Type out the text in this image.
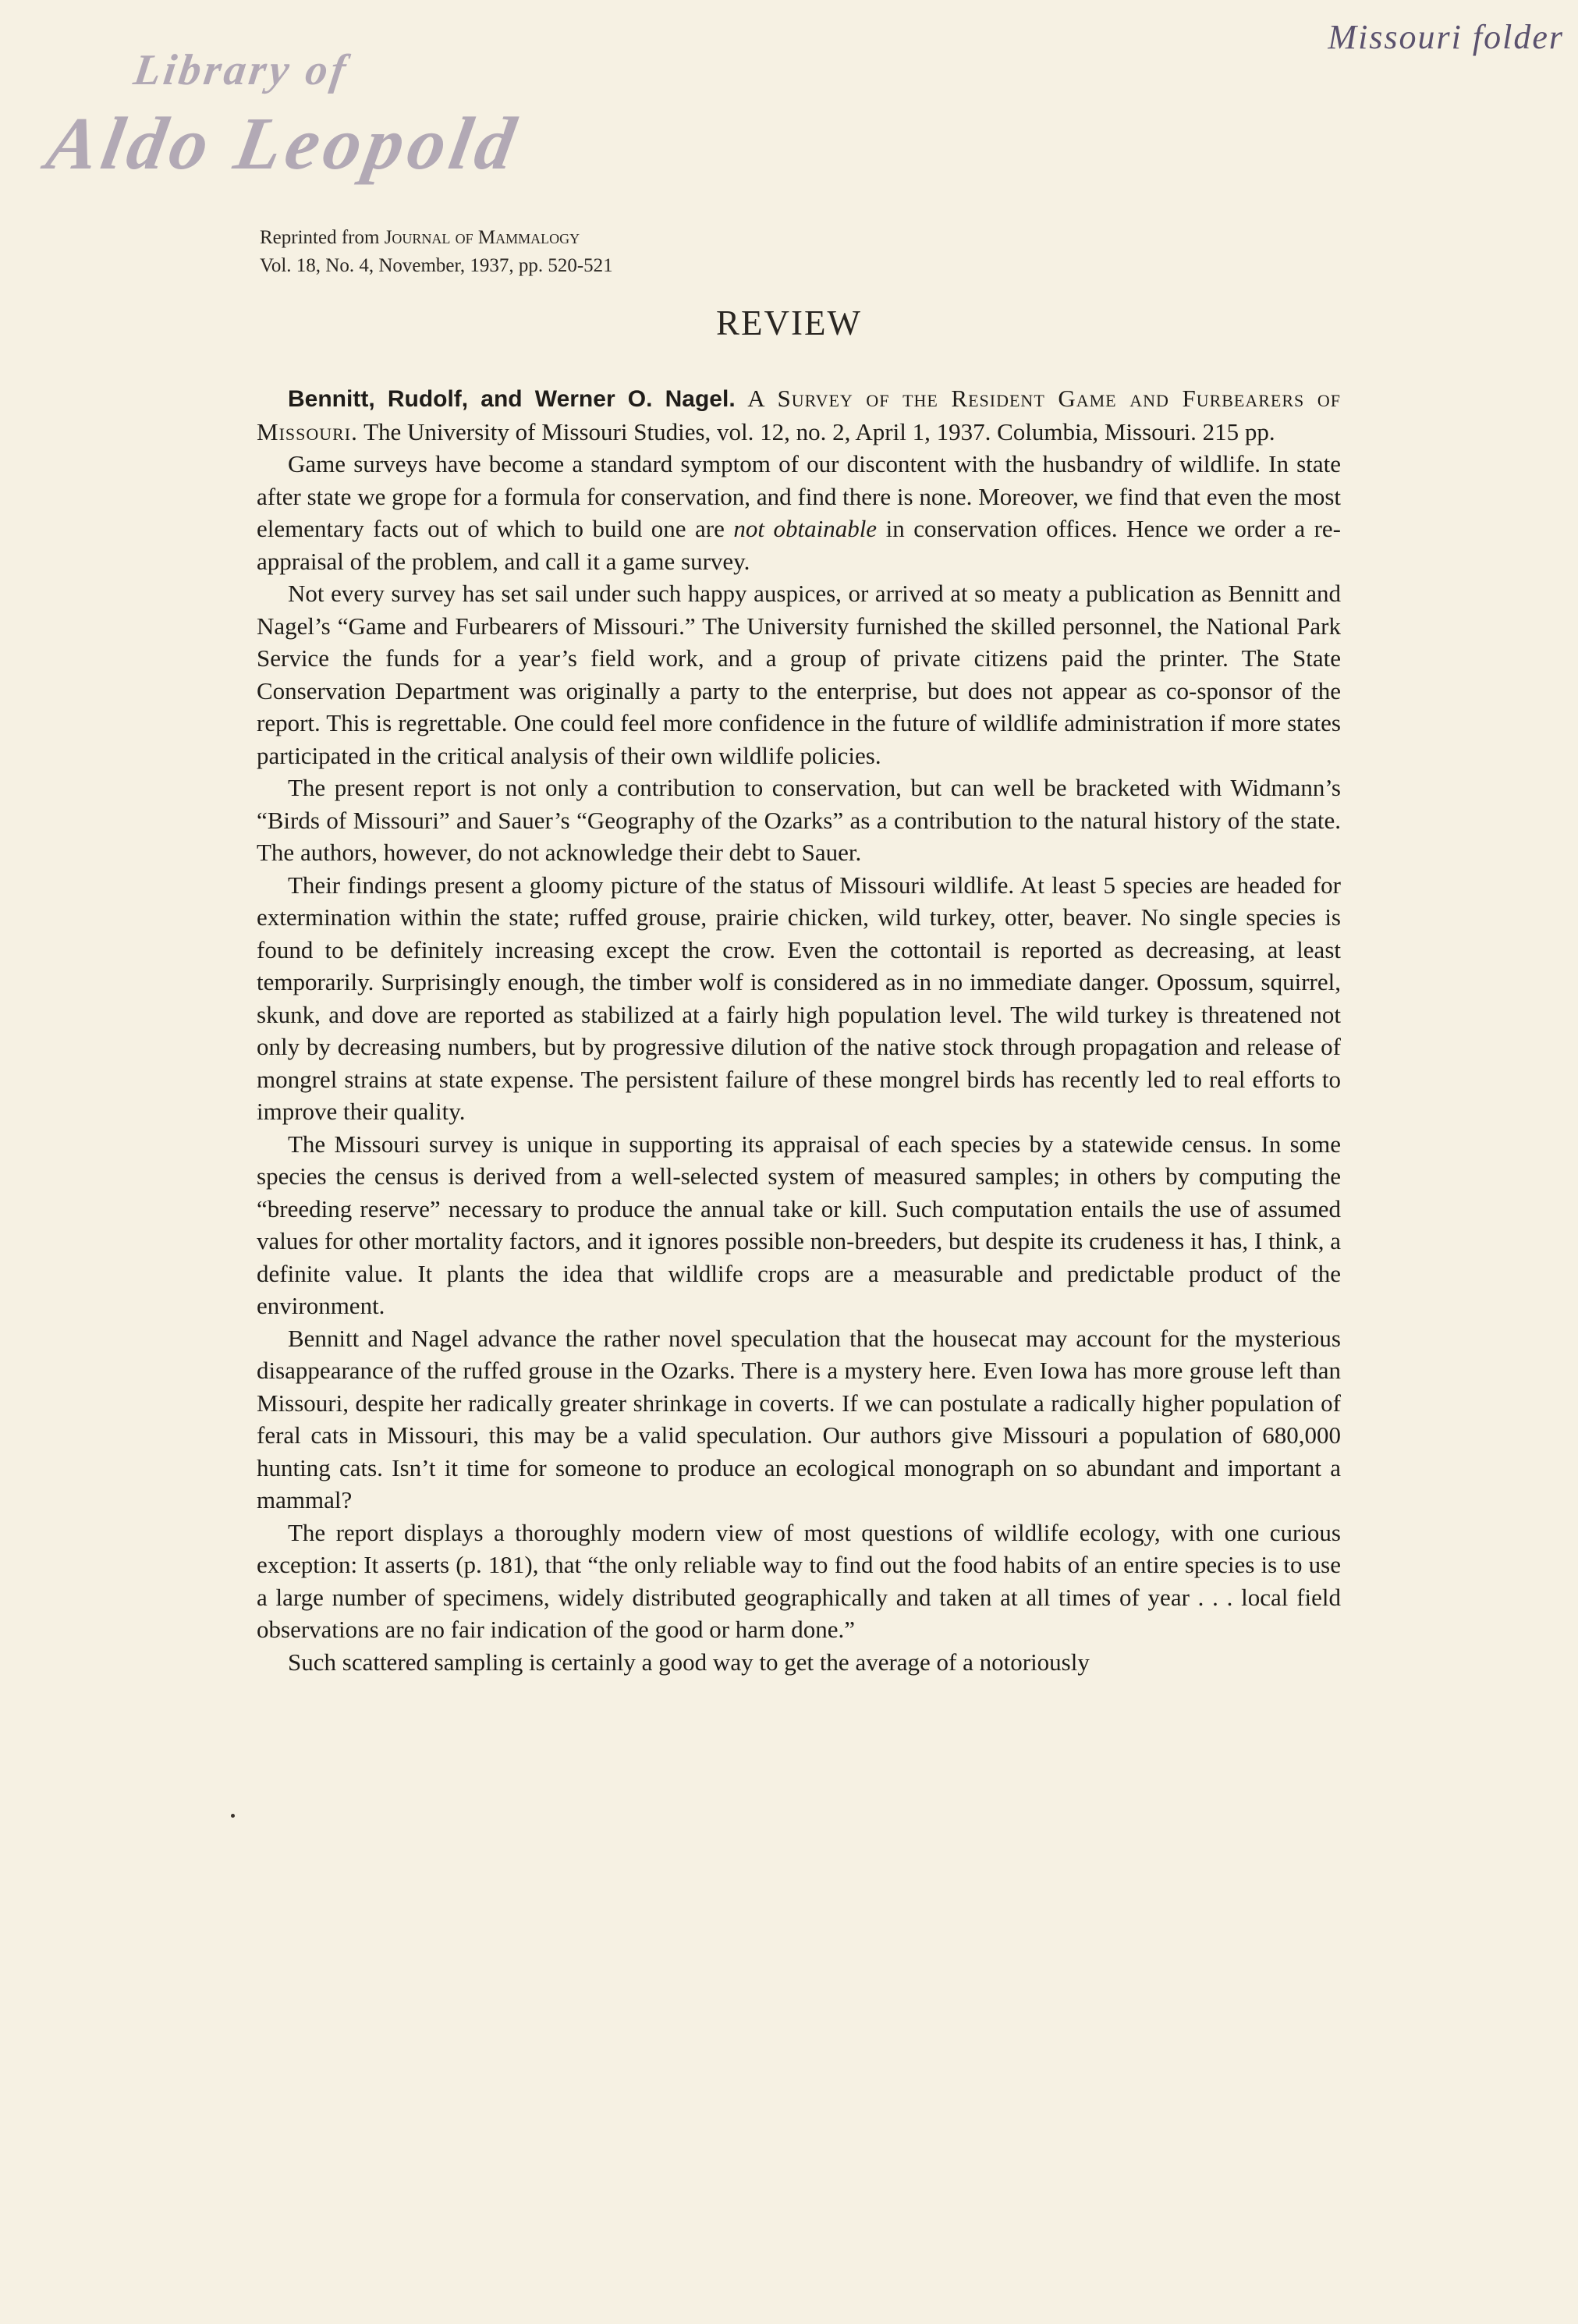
Library of
Aldo Leopold
Missouri folder
Reprinted from Journal of Mammalogy
Vol. 18, No. 4, November, 1937, pp. 520-521
REVIEW

Bennitt, Rudolf, and Werner O. Nagel. A Survey of the Resident Game and Furbearers of Missouri. The University of Missouri Studies, vol. 12, no. 2, April 1, 1937. Columbia, Missouri. 215 pp.

Game surveys have become a standard symptom of our discontent with the husbandry of wildlife. In state after state we grope for a formula for conservation, and find there is none. Moreover, we find that even the most elementary facts out of which to build one are not obtainable in conservation offices. Hence we order a re-appraisal of the problem, and call it a game survey.

Not every survey has set sail under such happy auspices, or arrived at so meaty a publication as Bennitt and Nagel’s “Game and Furbearers of Missouri.” The University furnished the skilled personnel, the National Park Service the funds for a year’s field work, and a group of private citizens paid the printer. The State Conservation Department was originally a party to the enterprise, but does not appear as co-sponsor of the report. This is regrettable. One could feel more confidence in the future of wildlife administration if more states participated in the critical analysis of their own wildlife policies.

The present report is not only a contribution to conservation, but can well be bracketed with Widmann’s “Birds of Missouri” and Sauer’s “Geography of the Ozarks” as a contribution to the natural history of the state. The authors, however, do not acknowledge their debt to Sauer.

Their findings present a gloomy picture of the status of Missouri wildlife. At least 5 species are headed for extermination within the state; ruffed grouse, prairie chicken, wild turkey, otter, beaver. No single species is found to be definitely increasing except the crow. Even the cottontail is reported as decreasing, at least temporarily. Surprisingly enough, the timber wolf is considered as in no immediate danger. Opossum, squirrel, skunk, and dove are reported as stabilized at a fairly high population level. The wild turkey is threatened not only by decreasing numbers, but by progressive dilution of the native stock through propagation and release of mongrel strains at state expense. The persistent failure of these mongrel birds has recently led to real efforts to improve their quality.

The Missouri survey is unique in supporting its appraisal of each species by a statewide census. In some species the census is derived from a well-selected system of measured samples; in others by computing the “breeding reserve” necessary to produce the annual take or kill. Such computation entails the use of assumed values for other mortality factors, and it ignores possible non-breeders, but despite its crudeness it has, I think, a definite value. It plants the idea that wildlife crops are a measurable and predictable product of the environment.

Bennitt and Nagel advance the rather novel speculation that the housecat may account for the mysterious disappearance of the ruffed grouse in the Ozarks. There is a mystery here. Even Iowa has more grouse left than Missouri, despite her radically greater shrinkage in coverts. If we can postulate a radically higher population of feral cats in Missouri, this may be a valid speculation. Our authors give Missouri a population of 680,000 hunting cats. Isn’t it time for someone to produce an ecological monograph on so abundant and important a mammal?

The report displays a thoroughly modern view of most questions of wildlife ecology, with one curious exception: It asserts (p. 181), that “the only reliable way to find out the food habits of an entire species is to use a large number of specimens, widely distributed geographically and taken at all times of year . . . local field observations are no fair indication of the good or harm done.”

Such scattered sampling is certainly a good way to get the average of a notoriously
